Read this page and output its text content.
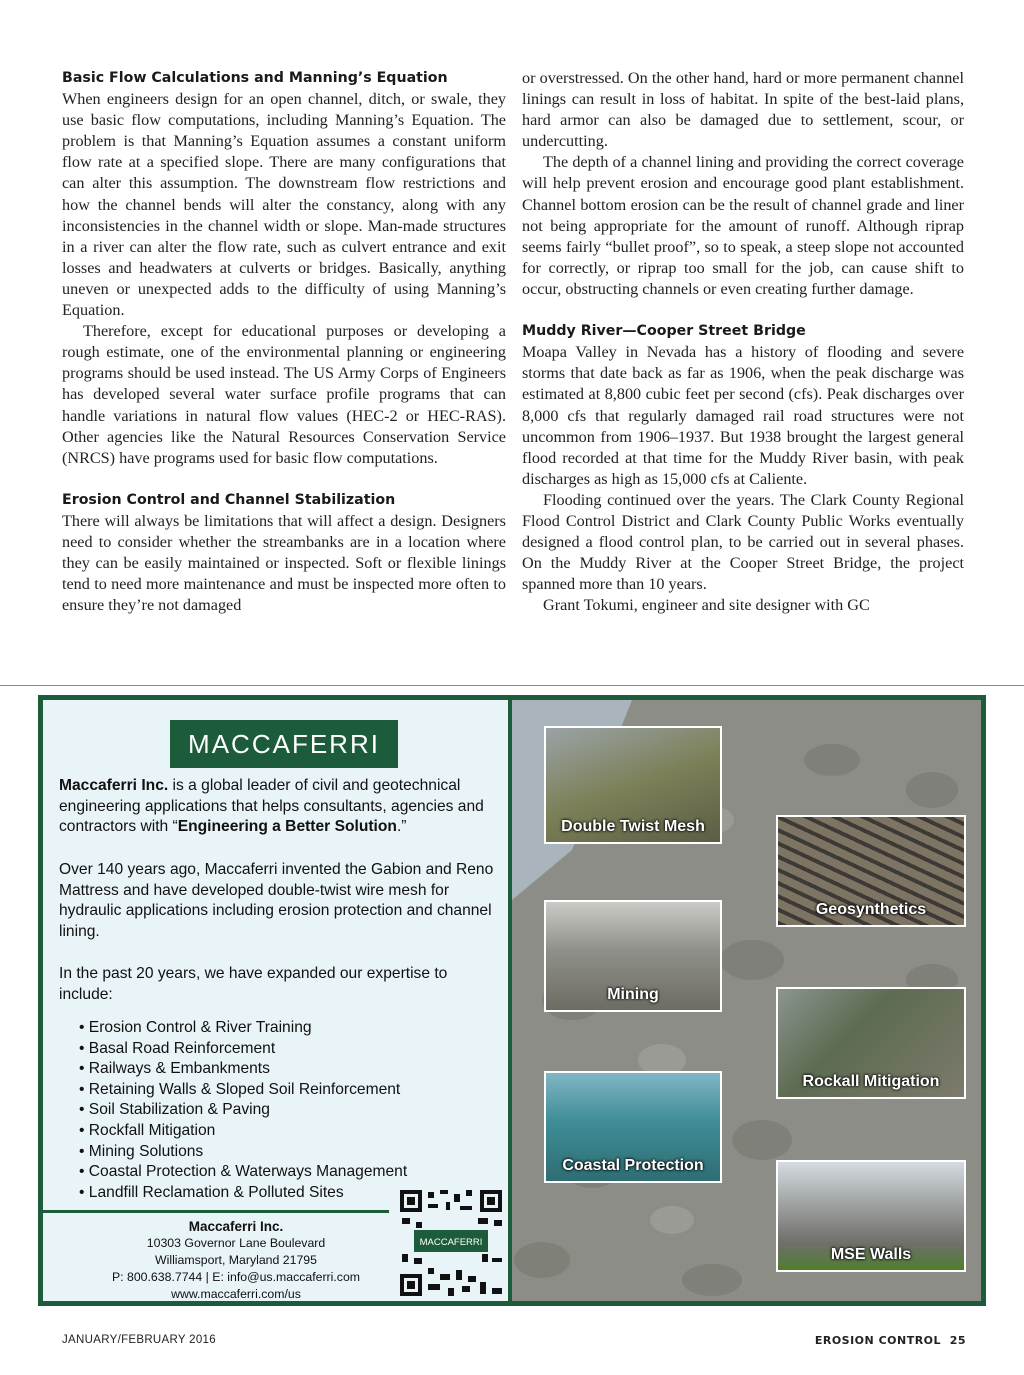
Basic Flow Calculations and Manning’s Equation

When engineers design for an open channel, ditch, or swale, they use basic flow computations, including Manning’s Equation. The problem is that Manning’s Equation assumes a constant uniform flow rate at a specified slope. There are many configurations that can alter this assumption. The downstream flow restrictions and how the channel bends will alter the constancy, along with any inconsistencies in the channel width or slope. Man-made structures in a river can alter the flow rate, such as culvert entrance and exit losses and headwaters at culverts or bridges. Basically, anything uneven or unexpected adds to the difficulty of using Manning’s Equation.

Therefore, except for educational purposes or developing a rough estimate, one of the environmental planning or engineering programs should be used instead. The US Army Corps of Engineers has developed several water surface profile programs that can handle variations in natural flow values (HEC-2 or HEC-RAS). Other agencies like the Natural Resources Conservation Service (NRCS) have programs used for basic flow computations.

Erosion Control and Channel Stabilization

There will always be limitations that will affect a design. Designers need to consider whether the streambanks are in a location where they can be easily maintained or inspected. Soft or flexible linings tend to need more maintenance and must be inspected more often to ensure they’re not damaged

or overstressed. On the other hand, hard or more permanent channel linings can result in loss of habitat. In spite of the best-laid plans, hard armor can also be damaged due to settlement, scour, or undercutting.

The depth of a channel lining and providing the correct coverage will help prevent erosion and encourage good plant establishment. Channel bottom erosion can be the result of channel grade and liner not being appropriate for the amount of runoff. Although riprap seems fairly “bullet proof”, so to speak, a steep slope not accounted for correctly, or riprap too small for the job, can cause shift to occur, obstructing channels or even creating further damage.

Muddy River—Cooper Street Bridge

Moapa Valley in Nevada has a history of flooding and severe storms that date back as far as 1906, when the peak discharge was estimated at 8,800 cubic feet per second (cfs). Peak discharges over 8,000 cfs that regularly damaged rail road structures were not uncommon from 1906–1937. But 1938 brought the largest general flood recorded at that time for the Muddy River basin, with peak discharges as high as 15,000 cfs at Caliente.

Flooding continued over the years. The Clark County Regional Flood Control District and Clark County Public Works eventually designed a flood control plan, to be carried out in several phases. On the Muddy River at the Cooper Street Bridge, the project spanned more than 10 years.

Grant Tokumi, engineer and site designer with GC

MACCAFERRI
Maccaferri Inc. is a global leader of civil and geotechnical engineering applications that helps consultants, agencies and contractors with “Engineering a Better Solution.”
Over 140 years ago, Maccaferri invented the Gabion and Reno Mattress and have developed double-twist wire mesh for hydraulic applications including erosion protection and channel lining.
In the past 20 years, we have expanded our expertise to include:
• Erosion Control & River Training
• Basal Road Reinforcement
• Railways & Embankments
• Retaining Walls & Sloped Soil Reinforcement
• Soil Stabilization & Paving
• Rockfall Mitigation
• Mining Solutions
• Coastal Protection & Waterways Management
• Landfill Reclamation & Polluted Sites
Maccaferri Inc.
10303 Governor Lane Boulevard
Williamsport, Maryland 21795
P: 800.638.7744 | E: info@us.maccaferri.com
www.maccaferri.com/us
MACCAFERRI
Double Twist Mesh
Geosynthetics
Mining
Rockall Mitigation
Coastal Protection
MSE Walls
JANUARY/FEBRUARY 2016	EROSION CONTROL  25
